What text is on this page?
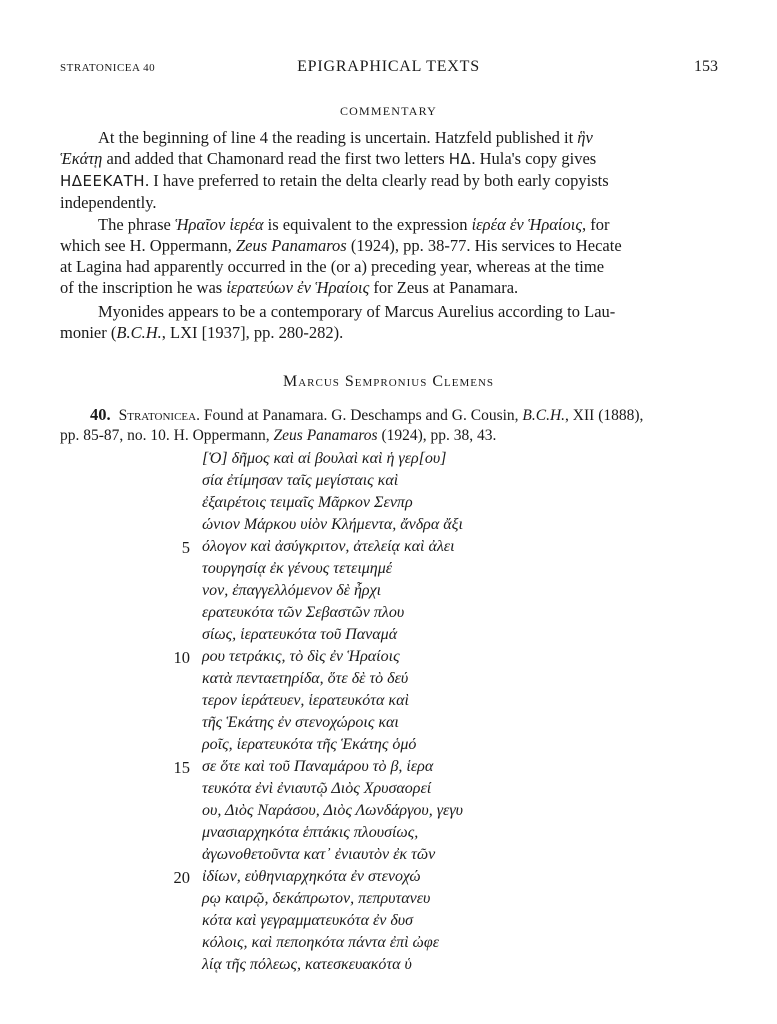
STRATONICEA 40	EPIGRAPHICAL TEXTS	153
COMMENTARY
At the beginning of line 4 the reading is uncertain. Hatzfeld published it ἣν
Ἑκάτῃ and added that Chamonard read the first two letters ΗΔ. Hula's copy gives
ΗΔΕΕΚΑΤΗ. I have preferred to retain the delta clearly read by both early copyists
independently.
The phrase Ἡραῖον ἱερέα is equivalent to the expression ἱερέα ἐν Ἡραίοις, for
which see H. Oppermann, Zeus Panamaros (1924), pp. 38-77. His services to Hecate
at Lagina had apparently occurred in the (or a) preceding year, whereas at the time
of the inscription he was ἱερατεύων ἐν Ἡραίοις for Zeus at Panamara.
Myonides appears to be a contemporary of Marcus Aurelius according to Lau-
monier (B.C.H., LXI [1937], pp. 280-282).
Marcus Sempronius Clemens
40. Stratonicea. Found at Panamara. G. Deschamps and G. Cousin, B.C.H., XII (1888),
pp. 85-87, no. 10. H. Oppermann, Zeus Panamaros (1924), pp. 38, 43.
[Ὁ] δῆμος καὶ αἱ βουλαὶ καὶ ἡ γερ[ου]
σία ἐτίμησαν ταῖς μεγίσταις καὶ
ἐξαιρέτοις τειμαῖς Μᾶρκον Σενπρ
ώνιον Μάρκου υἱὸν Κλήμεντα, ἄνδρα ἄξι
5 όλογον καὶ ἀσύγκριτον, ἀτελείᾳ καὶ ἀλει
τουργησίᾳ ἐκ γένους τετειμημέ
νον, ἐπαγγελλόμενον δὲ ἦρχι
ερατευκότα τῶν Σεβαστῶν πλου
σίως, ἱερατευκότα τοῦ Παναμά
10 ρου τετράκις, τὸ δὶς ἐν Ἡραίοις
κατὰ πενταετηρίδα, ὅτε δὲ τὸ δεύ
τερον ἱεράτευεν, ἱερατευκότα καὶ
τῆς Ἑκάτης ἐν στενοχώροις και
ροῖς, ἱερατευκότα τῆς Ἑκάτης ὁμό
15 σε ὅτε καὶ τοῦ Παναμάρου τὸ β, ἱερα
τευκότα ἐνὶ ἐνιαυτῷ Διὸς Χρυσαορεί
ου, Διὸς Ναράσου, Διὸς Λωνδάργου, γεγυ
μνασιαρχηκότα ἑπτάκις πλουσίως,
ἀγωνοθετοῦντα κατ᾽ ἐνιαυτὸν ἐκ τῶν
20 ἰδίων, εὐθηνιαρχηκότα ἐν στενοχώ
ρῳ καιρῷ, δεκάπρωτον, πεπρυτανευ
κότα καὶ γεγραμματευκότα ἐν δυσ
κόλοις, καὶ πεποηκότα πάντα ἐπὶ ὠφε
λίᾳ τῆς πόλεως, κατεσκευακότα ὑ
